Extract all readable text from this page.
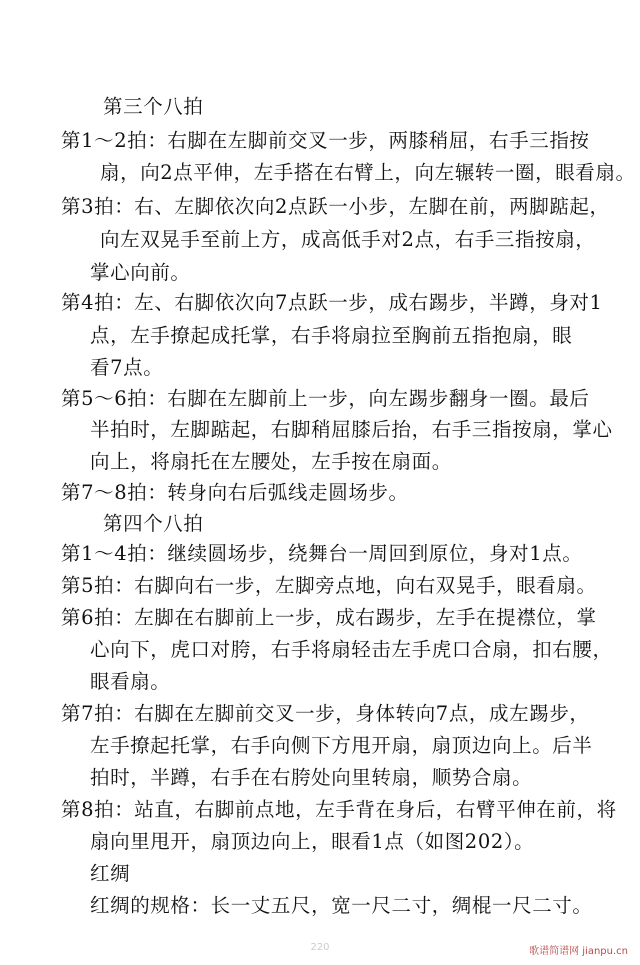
第三个八拍
第1～2拍：右脚在左脚前交叉一步，两膝稍屈，右手三指按
扇，向2点平伸，左手搭在右臂上，向左辗转一圈，眼看扇。
第3拍：右、左脚依次向2点跃一小步，左脚在前，两脚踮起，
向左双晃手至前上方，成高低手对2点，右手三指按扇，
掌心向前。
第4拍：左、右脚依次向7点跃一步，成右踢步，半蹲，身对1
点，左手撩起成托掌，右手将扇拉至胸前五指抱扇，眼
看7点。
第5～6拍：右脚在左脚前上一步，向左踢步翻身一圈。最后
半拍时，左脚踮起，右脚稍屈膝后抬，右手三指按扇，掌心
向上，将扇托在左腰处，左手按在扇面。
第7～8拍：转身向右后弧线走圆场步。
第四个八拍
第1～4拍：继续圆场步，绕舞台一周回到原位，身对1点。
第5拍：右脚向右一步，左脚旁点地，向右双晃手，眼看扇。
第6拍：左脚在右脚前上一步，成右踢步，左手在提襟位，掌
心向下，虎口对胯，右手将扇轻击左手虎口合扇，扣右腰，
眼看扇。
第7拍：右脚在左脚前交叉一步，身体转向7点，成左踢步，
左手撩起托掌，右手向侧下方甩开扇，扇顶边向上。后半
拍时，半蹲，右手在右胯处向里转扇，顺势合扇。
第8拍：站直，右脚前点地，左手背在身后，右臂平伸在前，将
扇向里甩开，扇顶边向上，眼看1点（如图202）。
红绸
红绸的规格：长一丈五尺，宽一尺二寸，绸棍一尺二寸。
220	歌谱简谱网 jianpu.cn
